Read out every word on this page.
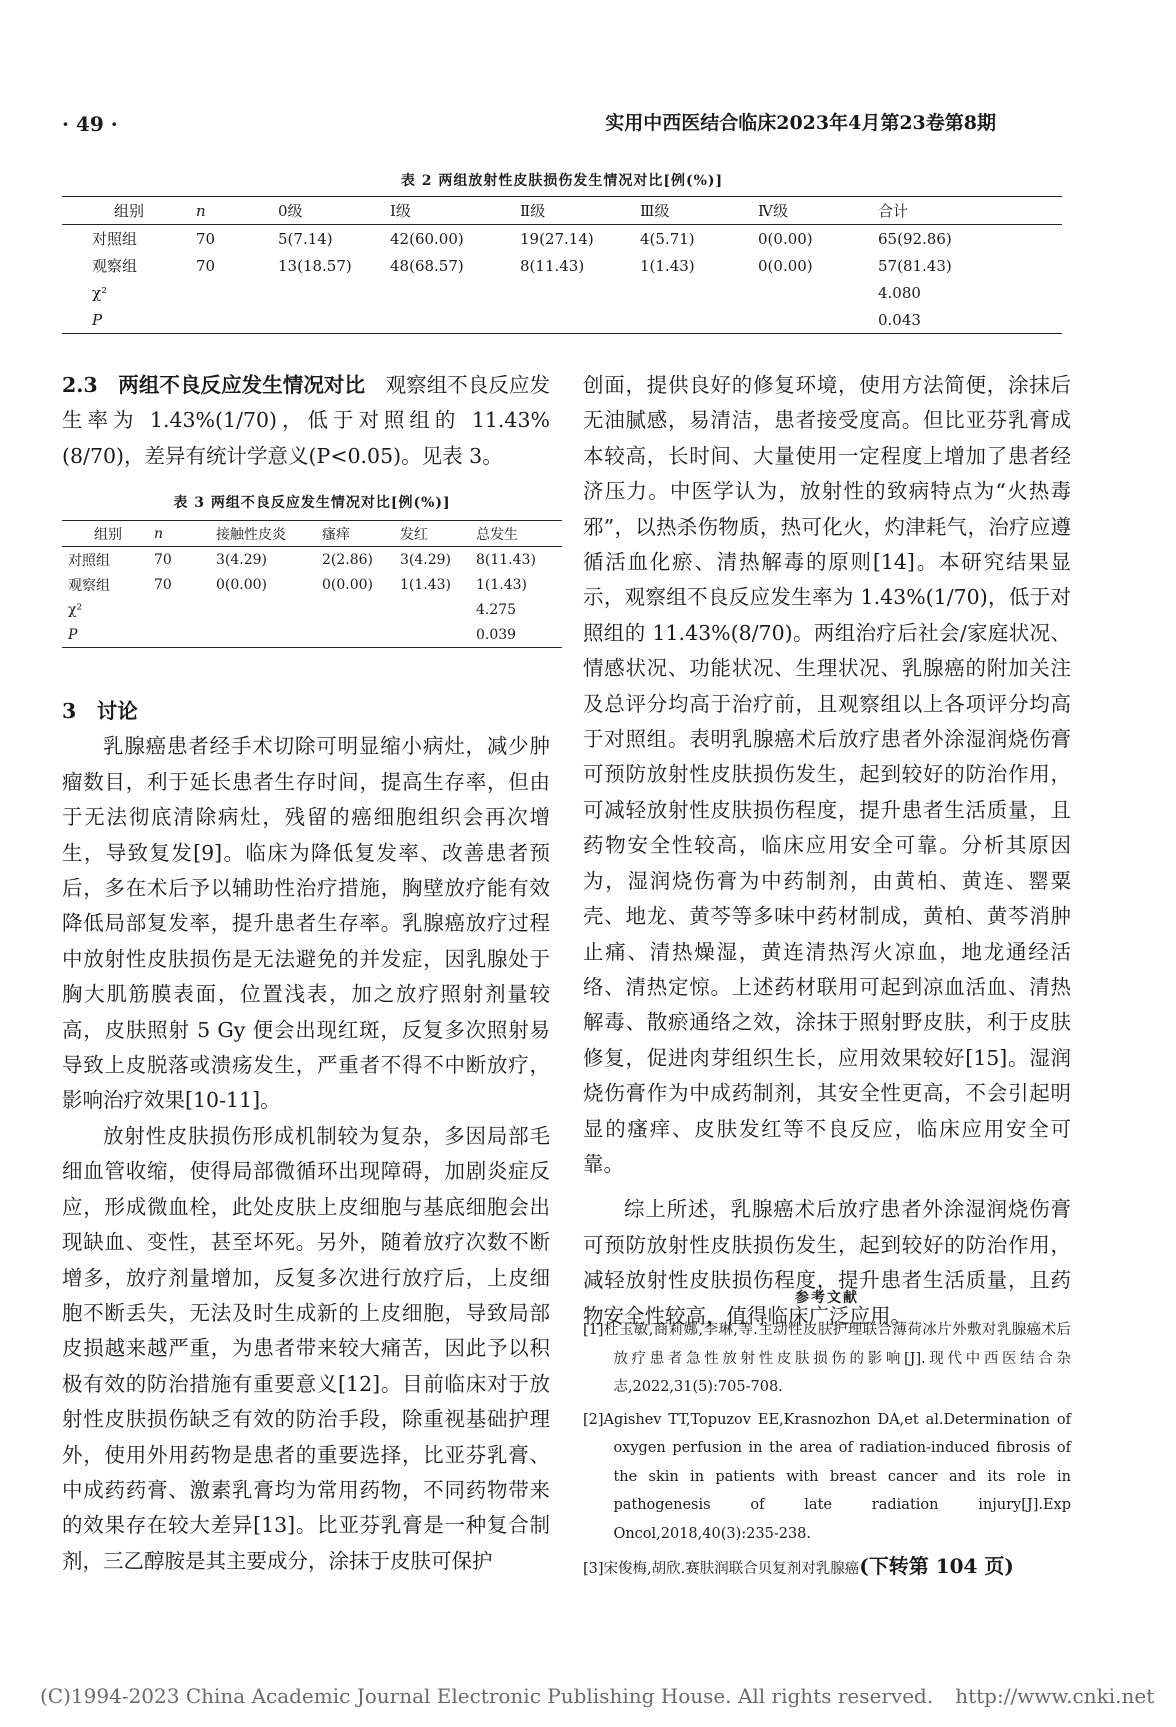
· 49 ·	实用中西医结合临床2023年4月第23卷第8期
表 2 两组放射性皮肤损伤发生情况对比[例(%)]
组别	n	0级	Ⅰ级	Ⅱ级	Ⅲ级	Ⅳ级	合计
对照组	70	5(7.14)	42(60.00)	19(27.14)	4(5.71)	0(0.00)	65(92.86)
观察组	70	13(18.57)	48(68.57)	8(11.43)	1(1.43)	0(0.00)	57(81.43)
χ²							4.080
P							0.043

2.3　两组不良反应发生情况对比　观察组不良反应发生率为 1.43%(1/70)，低于对照组的 11.43%(8/70)，差异有统计学意义(P<0.05)。见表 3。

表 3 两组不良反应发生情况对比[例(%)]
组别	n	接触性皮炎	瘙痒	发红	总发生
对照组	70	3(4.29)	2(2.86)	3(4.29)	8(11.43)
观察组	70	0(0.00)	0(0.00)	1(1.43)	1(1.43)
χ²					4.275
P					0.039

3　讨论

乳腺癌患者经手术切除可明显缩小病灶，减少肿瘤数目，利于延长患者生存时间，提高生存率，但由于无法彻底清除病灶，残留的癌细胞组织会再次增生，导致复发[9]。临床为降低复发率、改善患者预后，多在术后予以辅助性治疗措施，胸壁放疗能有效降低局部复发率，提升患者生存率。乳腺癌放疗过程中放射性皮肤损伤是无法避免的并发症，因乳腺处于胸大肌筋膜表面，位置浅表，加之放疗照射剂量较高，皮肤照射 5 Gy 便会出现红斑，反复多次照射易导致上皮脱落或溃疡发生，严重者不得不中断放疗，影响治疗效果[10-11]。

放射性皮肤损伤形成机制较为复杂，多因局部毛细血管收缩，使得局部微循环出现障碍，加剧炎症反应，形成微血栓，此处皮肤上皮细胞与基底细胞会出现缺血、变性，甚至坏死。另外，随着放疗次数不断增多，放疗剂量增加，反复多次进行放疗后，上皮细胞不断丢失，无法及时生成新的上皮细胞，导致局部皮损越来越严重，为患者带来较大痛苦，因此予以积极有效的防治措施有重要意义[12]。目前临床对于放射性皮肤损伤缺乏有效的防治手段，除重视基础护理外，使用外用药物是患者的重要选择，比亚芬乳膏、中成药药膏、激素乳膏均为常用药物，不同药物带来的效果存在较大差异[13]。比亚芬乳膏是一种复合制剂，三乙醇胺是其主要成分，涂抹于皮肤可保护

创面，提供良好的修复环境，使用方法简便，涂抹后无油腻感，易清洁，患者接受度高。但比亚芬乳膏成本较高，长时间、大量使用一定程度上增加了患者经济压力。中医学认为，放射性的致病特点为“火热毒邪”，以热杀伤物质，热可化火，灼津耗气，治疗应遵循活血化瘀、清热解毒的原则[14]。本研究结果显示，观察组不良反应发生率为 1.43%(1/70)，低于对照组的 11.43%(8/70)。两组治疗后社会/家庭状况、情感状况、功能状况、生理状况、乳腺癌的附加关注及总评分均高于治疗前，且观察组以上各项评分均高于对照组。表明乳腺癌术后放疗患者外涂湿润烧伤膏可预防放射性皮肤损伤发生，起到较好的防治作用，可减轻放射性皮肤损伤程度，提升患者生活质量，且药物安全性较高，临床应用安全可靠。分析其原因为，湿润烧伤膏为中药制剂，由黄柏、黄连、罂粟壳、地龙、黄芩等多味中药材制成，黄柏、黄芩消肿止痛、清热燥湿，黄连清热泻火凉血，地龙通经活络、清热定惊。上述药材联用可起到凉血活血、清热解毒、散瘀通络之效，涂抹于照射野皮肤，利于皮肤修复，促进肉芽组织生长，应用效果较好[15]。湿润烧伤膏作为中成药制剂，其安全性更高，不会引起明显的瘙痒、皮肤发红等不良反应，临床应用安全可靠。

综上所述，乳腺癌术后放疗患者外涂湿润烧伤膏可预防放射性皮肤损伤发生，起到较好的防治作用，减轻放射性皮肤损伤程度，提升患者生活质量，且药物安全性较高，值得临床广泛应用。

参考文献

[1]杜玉敏,商莉娜,李琳,等.主动性皮肤护理联合薄荷冰片外敷对乳腺癌术后放疗患者急性放射性皮肤损伤的影响[J].现代中西医结合杂志,2022,31(5):705-708.

[2]Agishev TT,Topuzov EE,Krasnozhon DA,et al.Determination of oxygen perfusion in the area of radiation-induced fibrosis of the skin in patients with breast cancer and its role in pathogenesis of late radiation injury[J].Exp Oncol,2018,40(3):235-238.

[3]宋俊梅,胡欣.赛肤润联合贝复剂对乳腺癌(下转第 104 页)

(C)1994-2023 China Academic Journal Electronic Publishing House. All rights reserved. http://www.cnki.net
